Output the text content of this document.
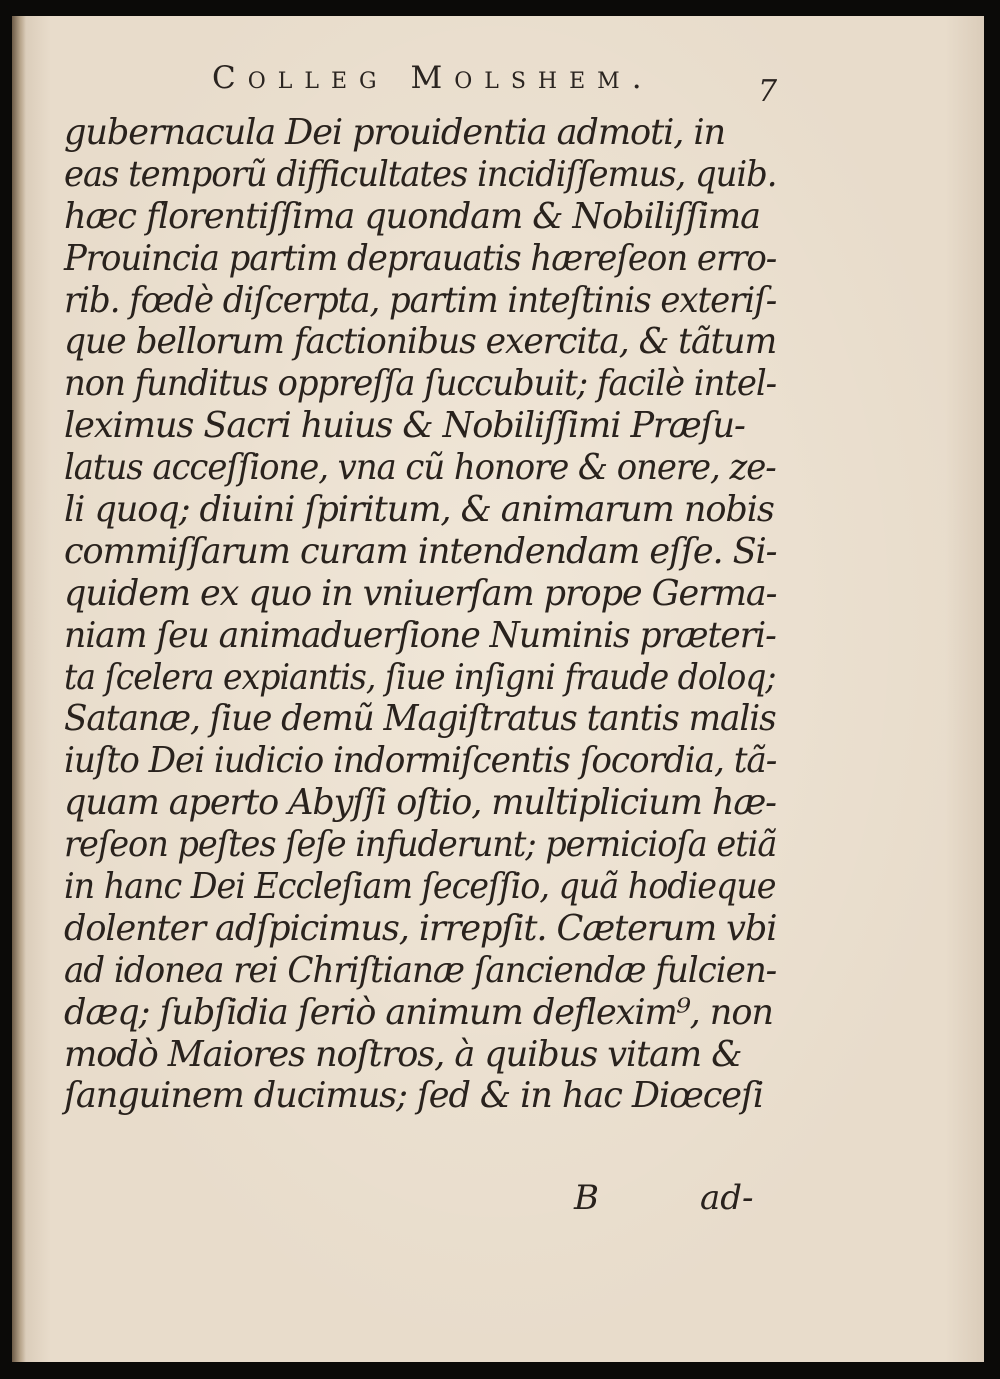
Colleg Molshem.	7
gubernacula Dei prouidentia admoti, in
eas temporũ difficultates incidiſſemus, quib.
hæc florentiſſima quondam & Nobiliſſima
Prouincia partim deprauatis hæreſeon erro-
rib. fœdè diſcerpta, partim inteſtinis exteriſ-
que bellorum factionibus exercita, & tãtum
non funditus oppreſſa ſuccubuit; facilè intel-
leximus Sacri huius & Nobiliſſimi Præſu-
latus acceſſione, vna cũ honore & onere, ze-
li quoq; diuini ſpiritum, & animarum nobis
commiſſarum curam intendendam eſſe. Si-
quidem ex quo in vniuerſam prope Germa-
niam ſeu animaduerſione Numinis præteri-
ta ſcelera expiantis, ſiue inſigni fraude doloq;
Satanæ, ſiue demũ Magiſtratus tantis malis
iuſto Dei iudicio indormiſcentis ſocordia, tã-
quam aperto Abyſſi oſtio, multiplicium hæ-
reſeon peſtes ſeſe infuderunt; pernicioſa etiã
in hanc Dei Eccleſiam ſeceſſio, quã hodieque
dolenter adſpicimus, irrepſit. Cæterum vbi
ad idonea rei Chriſtianæ ſanciendæ fulcien-
dæq; ſubſidia ſeriò animum deflexim⁹, non
modò Maiores noſtros, à quibus vitam &
ſanguinem ducimus; ſed & in hac Diœceſi
B	ad-
